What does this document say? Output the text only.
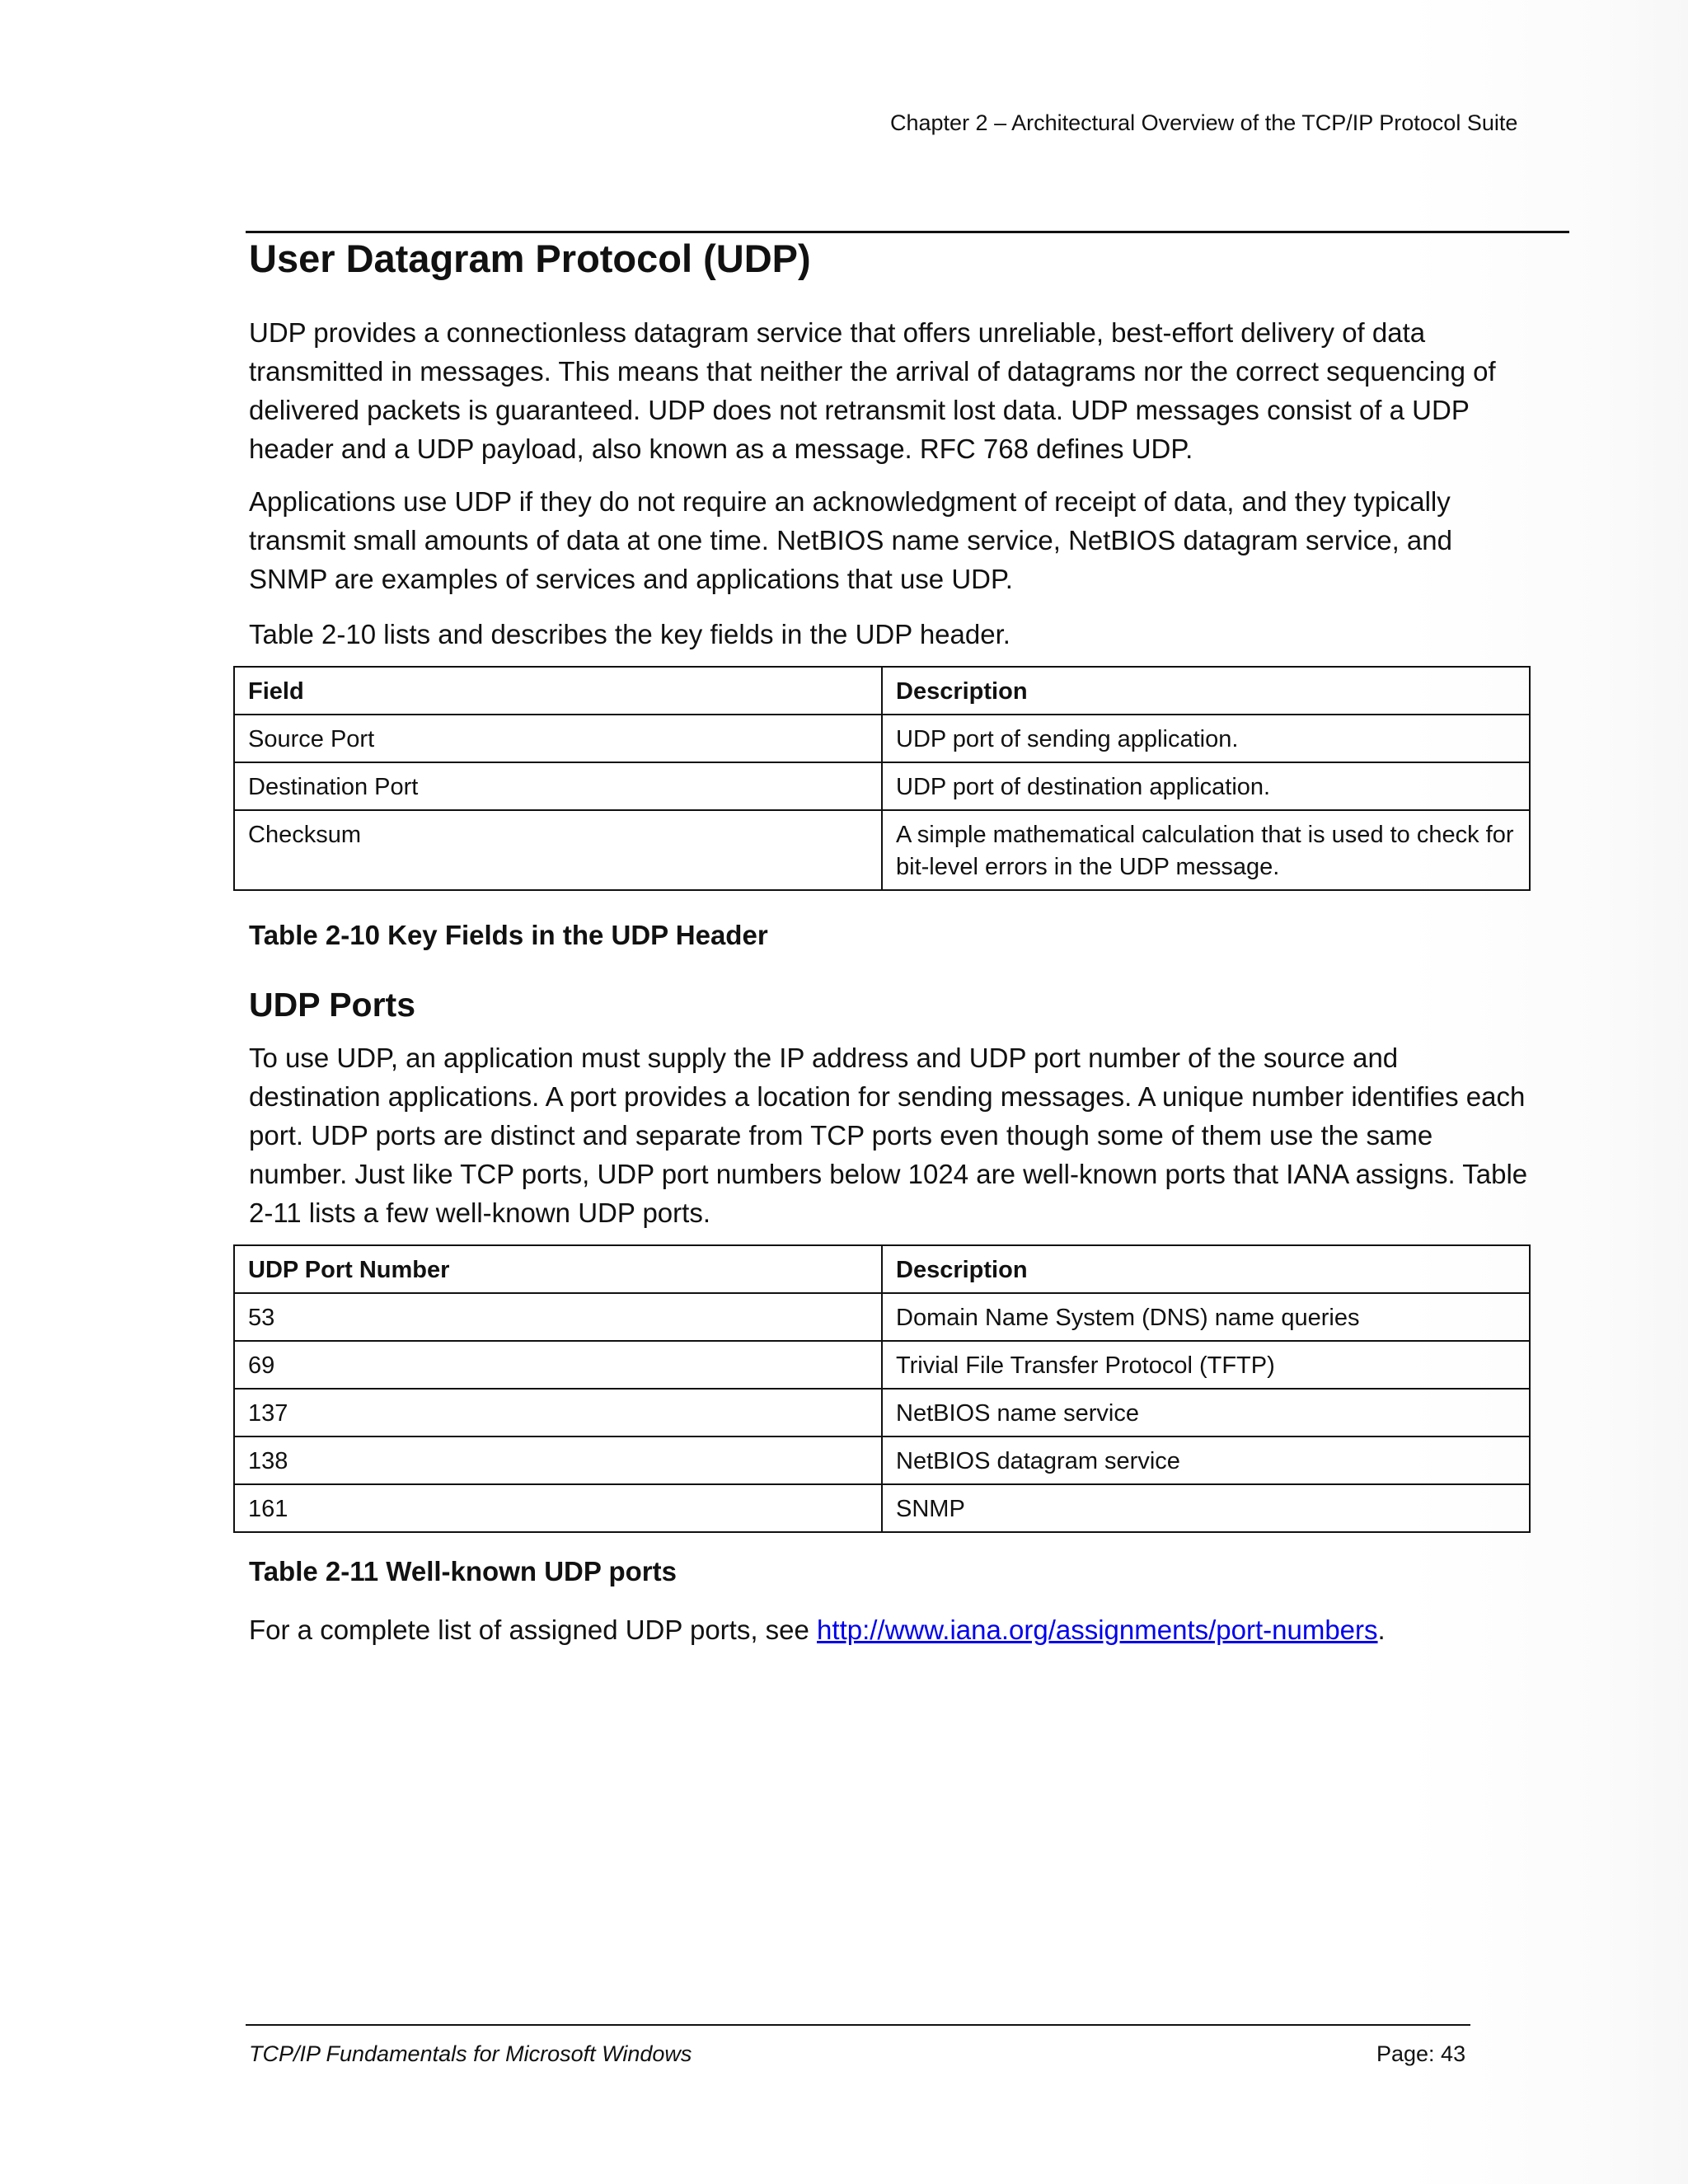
Chapter 2 – Architectural Overview of the TCP/IP Protocol Suite
User Datagram Protocol (UDP)

UDP provides a connectionless datagram service that offers unreliable, best-effort delivery of data transmitted in messages. This means that neither the arrival of datagrams nor the correct sequencing of delivered packets is guaranteed. UDP does not retransmit lost data. UDP messages consist of a UDP header and a UDP payload, also known as a message. RFC 768 defines UDP.

Applications use UDP if they do not require an acknowledgment of receipt of data, and they typically transmit small amounts of data at one time. NetBIOS name service, NetBIOS datagram service, and SNMP are examples of services and applications that use UDP.

Table 2-10 lists and describes the key fields in the UDP header.

Field	Description
Source Port	UDP port of sending application.
Destination Port	UDP port of destination application.
Checksum	A simple mathematical calculation that is used to check for bit-level errors in the UDP message.

Table 2-10 Key Fields in the UDP Header

UDP Ports

To use UDP, an application must supply the IP address and UDP port number of the source and destination applications. A port provides a location for sending messages. A unique number identifies each port. UDP ports are distinct and separate from TCP ports even though some of them use the same number. Just like TCP ports, UDP port numbers below 1024 are well-known ports that IANA assigns. Table 2-11 lists a few well-known UDP ports.

UDP Port Number	Description
53	Domain Name System (DNS) name queries
69	Trivial File Transfer Protocol (TFTP)
137	NetBIOS name service
138	NetBIOS datagram service
161	SNMP

Table 2-11 Well-known UDP ports

For a complete list of assigned UDP ports, see http://www.iana.org/assignments/port-numbers.

TCP/IP Fundamentals for Microsoft Windows	Page: 43
